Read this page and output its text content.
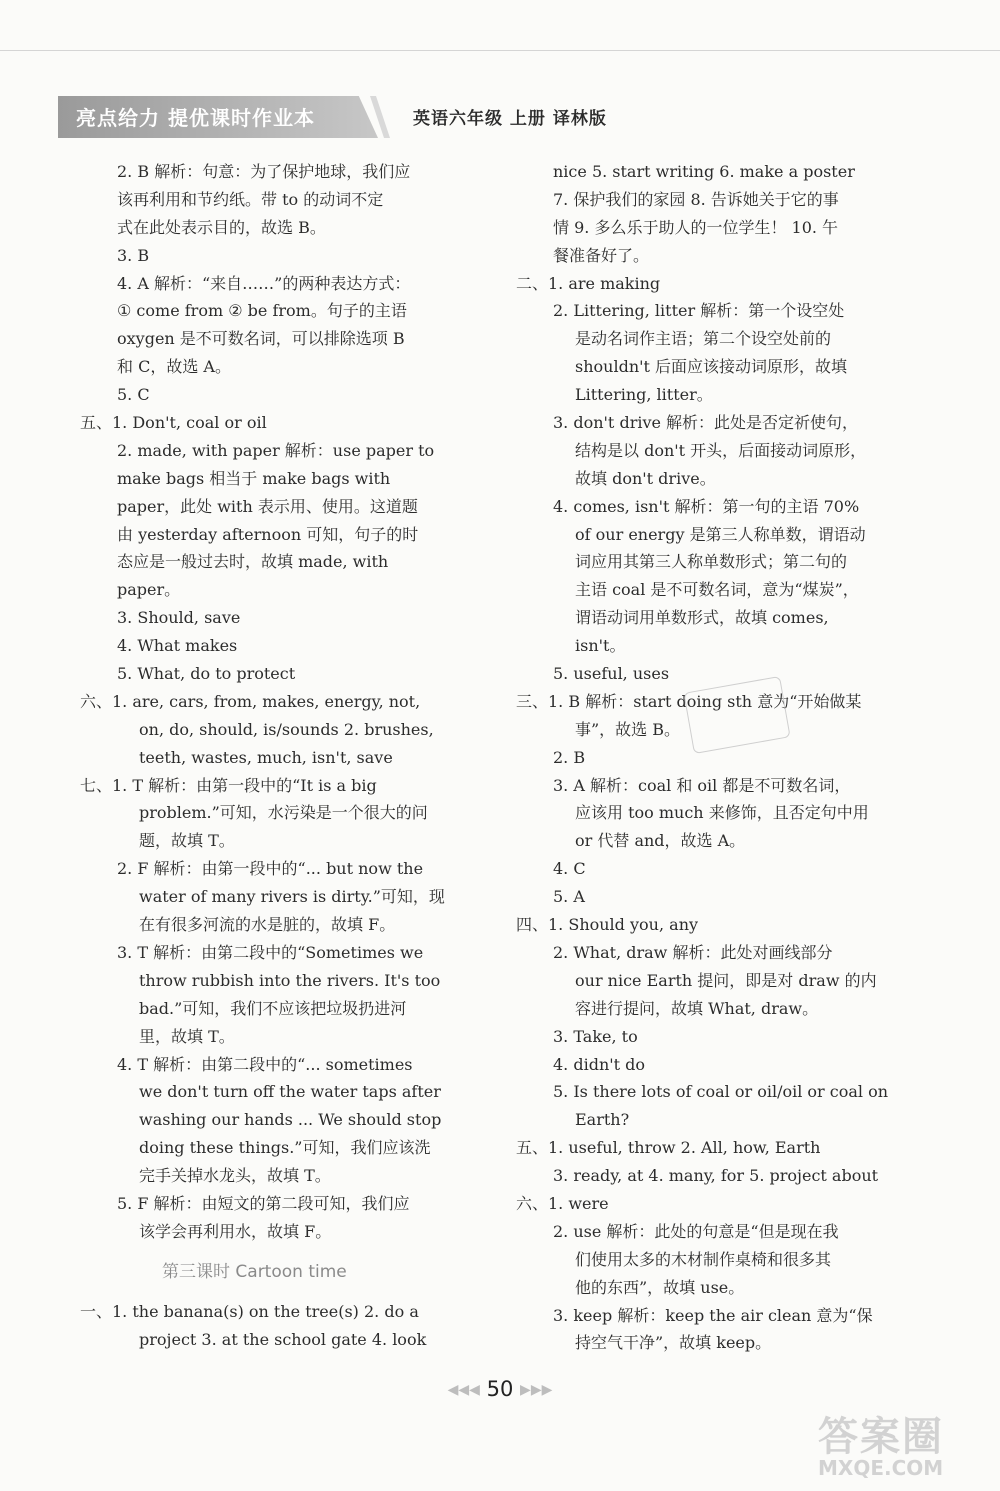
亮点给力 提优课时作业本	英语六年级 上册 译林版
2. B 解析：句意：为了保护地球，我们应
该再利用和节约纸。带 to 的动词不定
式在此处表示目的，故选 B。
3. B
4. A 解析：“来自……”的两种表达方式：
① come from ② be from。句子的主语
oxygen 是不可数名词，可以排除选项 B
和 C，故选 A。
5. C
五、1. Don't, coal or oil
2. made, with paper 解析：use paper to
make bags 相当于 make bags with
paper，此处 with 表示用、使用。这道题
由 yesterday afternoon 可知，句子的时
态应是一般过去时，故填 made, with
paper。
3. Should, save
4. What makes
5. What, do to protect
六、1. are, cars, from, makes, energy, not,
on, do, should, is/sounds 2. brushes,
teeth, wastes, much, isn't, save
七、1. T 解析：由第一段中的“It is a big
problem.”可知，水污染是一个很大的问
题，故填 T。
2. F 解析：由第一段中的“... but now the
water of many rivers is dirty.”可知，现
在有很多河流的水是脏的，故填 F。
3. T 解析：由第二段中的“Sometimes we
throw rubbish into the rivers. It's too
bad.”可知，我们不应该把垃圾扔进河
里，故填 T。
4. T 解析：由第二段中的“... sometimes
we don't turn off the water taps after
washing our hands ... We should stop
doing these things.”可知，我们应该洗
完手关掉水龙头，故填 T。
5. F 解析：由短文的第二段可知，我们应
该学会再利用水，故填 F。
第三课时 Cartoon time
一、1. the banana(s) on the tree(s) 2. do a
project 3. at the school gate 4. look
nice 5. start writing 6. make a poster
7. 保护我们的家园 8. 告诉她关于它的事
情 9. 多么乐于助人的一位学生！ 10. 午
餐准备好了。
二、1. are making
2. Littering, litter 解析：第一个设空处
是动名词作主语；第二个设空处前的
shouldn't 后面应该接动词原形，故填
Littering, litter。
3. don't drive 解析：此处是否定祈使句，
结构是以 don't 开头，后面接动词原形，
故填 don't drive。
4. comes, isn't 解析：第一句的主语 70%
of our energy 是第三人称单数，谓语动
词应用其第三人称单数形式；第二句的
主语 coal 是不可数名词，意为“煤炭”，
谓语动词用单数形式，故填 comes,
isn't。
5. useful, uses
三、1. B 解析：start doing sth 意为“开始做某
事”，故选 B。
2. B
3. A 解析：coal 和 oil 都是不可数名词，
应该用 too much 来修饰，且否定句中用
or 代替 and，故选 A。
4. C
5. A
四、1. Should you, any
2. What, draw 解析：此处对画线部分
our nice Earth 提问，即是对 draw 的内
容进行提问，故填 What, draw。
3. Take, to
4. didn't do
5. Is there lots of coal or oil/oil or coal on
Earth?
五、1. useful, throw 2. All, how, Earth
3. ready, at 4. many, for 5. project about
六、1. were
2. use 解析：此处的句意是“但是现在我
们使用太多的木材制作桌椅和很多其
他的东西”，故填 use。
3. keep 解析：keep the air clean 意为“保
持空气干净”，故填 keep。
◀◀◀ 50 ▶▶▶
答案圈
MXQE.COM
